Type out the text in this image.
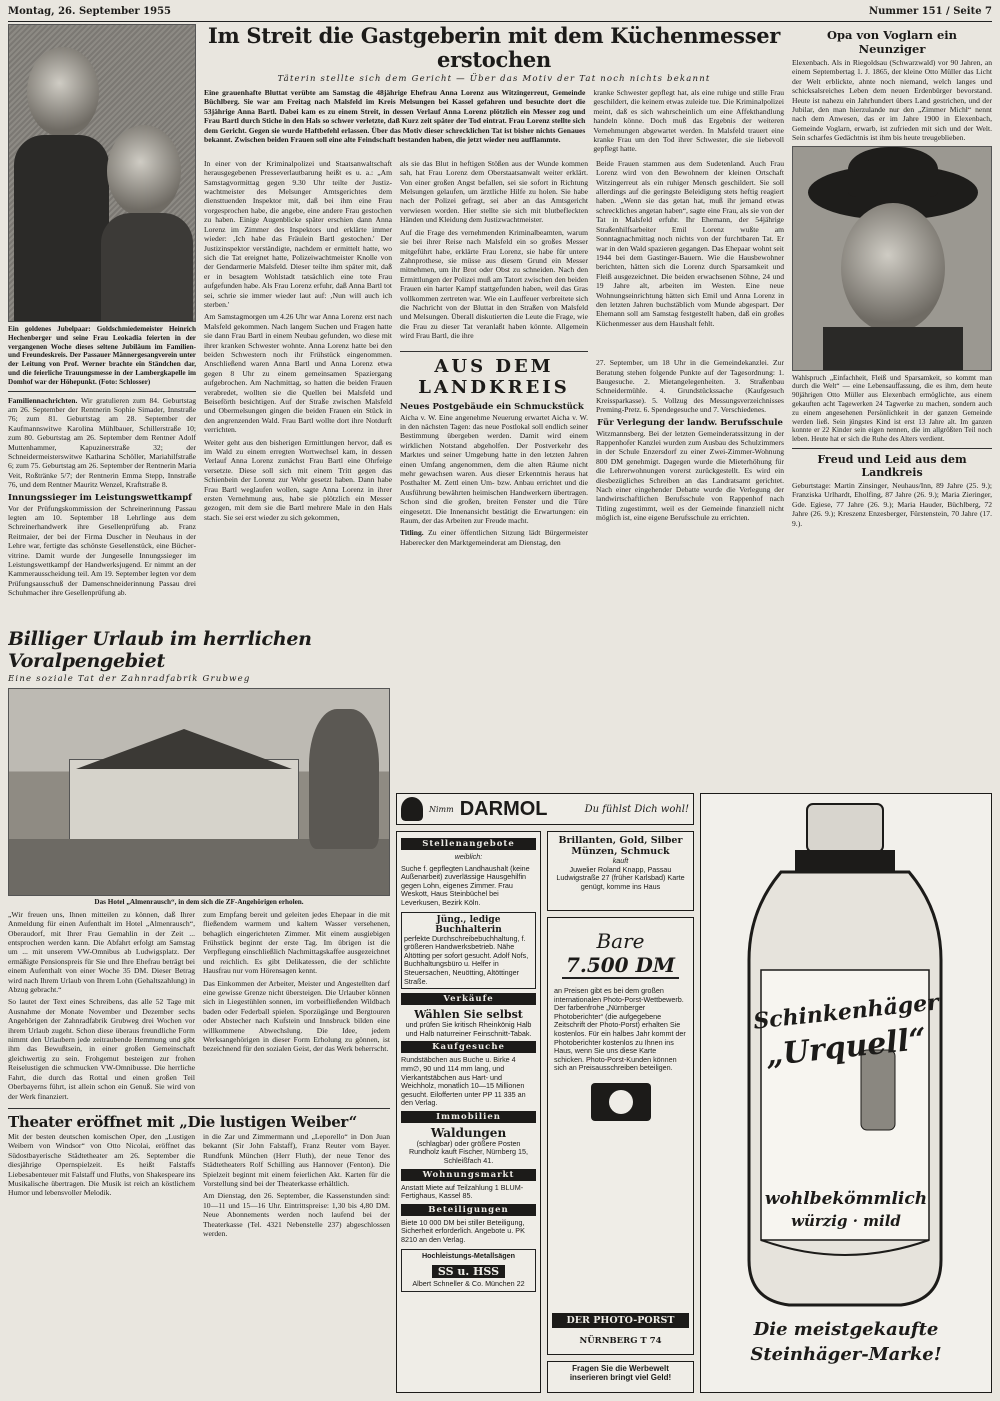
Montag, 26. September 1955	Nummer 151 / Seite 7

Ein goldenes Jubelpaar: Goldschmiedemeister Heinrich Hechenberger und seine Frau Leokadia feierten in der vergangenen Woche dieses seltene Jubiläum im Familien- und Freundeskreis. Der Passauer Männergesangverein unter der Leitung von Prof. Werner brachte ein Ständchen dar, und die feierliche Trauungsmesse in der Lambergkapelle im Domhof war der Höhepunkt. (Foto: Schlosser)

Familiennachrichten. Wir gratulieren zum 84. Geburtstag am 26. September der Rentnerin Sophie Simader, Innstraße 76; zum 81. Geburtstag am 28. September der Kaufmannswitwe Karolina Mühlbauer, Schillerstraße 10; zum 80. Geburtstag am 26. September dem Rentner Adolf Muttenhammer, Kapuzinerstraße 32; der Schneidermeisterswitwe Katharina Schöller, Mariahilfstraße 6; zum 75. Geburtstag am 26. September der Rentnerin Maria Veit, Roßtränke 5/7; der Rentnerin Emma Stepp, Innstraße 76, und dem Rentner Mauritz Wenzel, Kraftstraße 8.

Innungssieger im Leistungswettkampf

Vor der Prüfungskommission der Schreinerinnung Passau legten am 10. September 18 Lehrlinge aus dem Schreinerhandwerk ihre Gesellenprüfung ab. Franz Reitmaier, der bei der Firma Duscher in Neuhaus in der Lehre war, fertigte das schönste Gesellenstück, eine Büchervitrine. Damit wurde der Jungeselle Innungssieger im Leistungswettkampf der Handwerksjugend. Er nimmt an der Kammerausscheidung teil. Am 19. September legten vor dem Prüfungsausschuß der Damenschneiderinnung Passau drei Schuhmacher ihre Gesellenprüfung ab.

Im Streit die Gastgeberin mit dem Küchenmesser erstochen
Täterin stellte sich dem Gericht — Über das Motiv der Tat noch nichts bekannt

Eine grauenhafte Bluttat verübte am Samstag die 48jährige Ehefrau Anna Lorenz aus Witzingerreut, Gemeinde Büchlberg. Sie war am Freitag nach Malsfeld im Kreis Melsungen bei Kassel gefahren und besuchte dort die 53jährige Anna Bartl. Dabei kam es zu einem Streit, in dessen Verlauf Anna Lorenz plötzlich ein Messer zog und Frau Bartl durch Stiche in den Hals so schwer verletzte, daß Kurz zeit später der Tod eintrat. Frau Lorenz stellte sich dem Gericht. Gegen sie wurde Haftbefehl erlassen. Über das Motiv dieser schrecklichen Tat ist bisher nichts Genaues bekannt. Zwischen beiden Frauen soll eine alte Feindschaft bestanden haben, die jetzt wieder neu aufflammte.

kranke Schwester gepflegt hat, als eine ruhige und stille Frau geschildert, die keinem etwas zuleide tue. Die Kriminalpolizei meint, daß es sich wahrscheinlich um eine Affekthandlung handeln könne. Doch muß das Ergebnis der weiteren Vernehmungen abgewartet werden. In Malsfeld trauert eine kranke Frau um den Tod ihrer Schwester, die sie liebevoll gepflegt hatte.

In einer von der Kriminalpolizei und Staatsanwaltschaft herausgegebenen Presseverlautbarung heißt es u. a.: „Am Samstagvormittag gegen 9.30 Uhr teilte der Justizwachtmeister des Melsunger Amtsgerichtes dem diensttuenden Inspektor mit, daß bei ihm eine Frau vorgesprochen habe, die angebe, eine andere Frau gestochen zu haben. Einige Augenblicke später erschien dann Anna Lorenz im Zimmer des Inspektors und erklärte immer wieder: ‚Ich habe das Fräulein Bartl gestochen.' Der Justizinspektor verständigte, nachdem er ermittelt hatte, wo sich die Tat ereignet hatte, Polizeiwachtmeister Knolle von der Gendarmerie Malsfeld. Dieser teilte ihm später mit, daß er in besagtem Wohlstadt tatsächlich eine tote Frau aufgefunden habe. Als Frau Lorenz erfuhr, daß Anna Bartl tot sei, schrie sie immer wieder laut auf: ‚Nun will auch ich sterben.'

Am Samstagmorgen um 4.26 Uhr war Anna Lorenz erst nach Malsfeld gekommen. Nach langem Suchen und Fragen hatte sie dann Frau Bartl in einem Neubau gefunden, wo diese mit ihrer kranken Schwester wohnte. Anna Lorenz hatte bei den beiden Schwestern noch ihr Frühstück eingenommen. Anschließend waren Anna Bartl und Anna Lorenz etwa gegen 8 Uhr zu einem gemeinsamen Spaziergang aufgebrochen. Am Nachmittag, so hatten die beiden Frauen verabredet, wollten sie die Quellen bei Malsfeld und Beiseförth besichtigen. Auf der Straße zwischen Malsfeld und Obermelsungen gingen die beiden Frauen ein Stück in den angrenzenden Wald. Frau Bartl wollte dort ihre Notdurft verrichten.

Weiter geht aus den bisherigen Ermittlungen hervor, daß es im Wald zu einem erregten Wortwechsel kam, in dessen Verlauf Anna Lorenz zunächst Frau Bartl eine Ohrfeige versetzte. Diese soll sich mit einem Tritt gegen das Schienbein der Lorenz zur Wehr gesetzt haben. Dann habe Frau Bartl weglaufen wollen, sagte Anna Lorenz in ihrer ersten Vernehmung aus, habe sie plötzlich ein Messer gezogen, mit dem sie die Bartl mehrere Male in den Hals stach. Sie sei erst wieder zu sich gekommen,

als sie das Blut in heftigen Stößen aus der Wunde kommen sah, hat Frau Lorenz dem Oberstaatsanwalt weiter erklärt. Von einer großen Angst befallen, sei sie sofort in Richtung Melsungen gelaufen, um ärztliche Hilfe zu holen. Sie habe nach der Polizei gefragt, sei aber an das Amtsgericht verwiesen worden. Hier stellte sie sich mit blutbefleckten Händen und Kleidung dem Justizwachtmeister.

Auf die Frage des vernehmenden Kriminalbeamten, warum sie bei ihrer Reise nach Malsfeld ein so großes Messer mitgeführt habe, erklärte Frau Lorenz, sie habe für untere Zahnprothese, sie müsse aus diesem Grund ein Messer mitnehmen, um ihr Brot oder Obst zu schneiden. Nach den Ermittlungen der Polizei muß am Tatort zwischen den beiden Frauen ein harter Kampf stattgefunden haben, weil das Gras vollkommen zertreten war. Wie ein Lauffeuer verbreitete sich die Nachricht von der Bluttat in den Straßen von Malsfeld und Melsungen. Überall diskutierten die Leute die Frage, wie die Frau zu dieser Tat veranlaßt haben könnte. Allgemein wird Frau Bartl, die ihre

AUS DEM LANDKREIS
Neues Postgebäude ein Schmuckstück

Aicha v. W. Eine angenehme Neuerung erwartet Aicha v. W. in den nächsten Tagen: das neue Postlokal soll endlich seiner Bestimmung übergeben werden. Damit wird einem wirklichen Notstand abgeholfen. Der Postverkehr des Marktes und seiner Umgebung hatte in den letzten Jahren einen Umfang angenommen, dem die alten Räume nicht mehr gewachsen waren. Aus dieser Erkenntnis heraus hat Posthalter M. Zettl einen Um- bzw. Anbau errichtet und die Ausführung bewährten heimischen Handwerkern übertragen. Schon sind die großen, breiten Fenster und die Türe eingesetzt. Die Innenansicht bestätigt die Erwartungen: ein Raum, der das Arbeiten zur Freude macht.

Titling. Zu einer öffentlichen Sitzung lädt Bürgermeister Haberecker den Marktgemeinderat am Dienstag, den

Beide Frauen stammen aus dem Sudetenland. Auch Frau Lorenz wird von den Bewohnern der kleinen Ortschaft Witzingerreut als ein ruhiger Mensch geschildert. Sie soll allerdings auf die geringste Beleidigung stets heftig reagiert haben. „Wenn sie das getan hat, muß ihr jemand etwas schreckliches angetan haben“, sagte eine Frau, als sie von der Tat in Malsfeld erfuhr. Ihr Ehemann, der 54jährige Straßenhilfsarbeiter Emil Lorenz wußte am Sonntagnachmittag noch nichts von der furchtbaren Tat. Er war in den Wald spazieren gegangen. Das Ehepaar wohnt seit 1944 bei dem Gastinger-Bauern. Wie die Hausbewohner berichten, hätten sich die Lorenz durch Sparsamkeit und Fleiß ausgezeichnet. Die beiden erwachsenen Söhne, 24 und 19 Jahre alt, arbeiten im Westen. Eine neue Wohnungseinrichtung hätten sich Emil und Anna Lorenz in den letzten Jahren buchstäblich vom Munde abgespart. Der Ehemann soll am Samstag festgestellt haben, daß ein großes Küchenmesser aus dem Haushalt fehlt.

27. September, um 18 Uhr in die Gemeindekanzlei. Zur Beratung stehen folgende Punkte auf der Tagesordnung: 1. Baugesuche. 2. Mietangelegenheiten. 3. Straßenbau Schneidermühle. 4. Grundstückssache (Kaufgesuch Kreissparkasse). 5. Vollzug des Messungsverzeichnisses Preming-Pretz. 6. Spendegesuche und 7. Verschiedenes.

Für Verlegung der landw. Berufsschule

Witzmannsberg. Bei der letzten Gemeinderatssitzung in der Rappenhofer Kanzlei wurden zum Ausbau des Schulzimmers in der Schule Enzersdorf zu einer Zwei-Zimmer-Wohnung 800 DM genehmigt. Dagegen wurde die Mieterhöhung für die Lehrerwohnungen vorerst zurückgestellt. Es wird ein diesbezügliches Schreiben an das Landratsamt gerichtet. Nach einer eingehender Debatte wurde die Verlegung der landwirtschaftlichen Berufsschule von Rappenhof nach Titling zugestimmt, weil es der Gemeinde finanziell nicht möglich ist, eine eigene Berufsschule zu errichten.

Billiger Urlaub im herrlichen Voralpengebiet
Eine soziale Tat der Zahnradfabrik Grubweg

Das Hotel „Almenrausch“, in dem sich die ZF-Angehörigen erholen.

„Wir freuen uns, Ihnen mitteilen zu können, daß Ihrer Anmeldung für einen Aufenthalt im Hotel „Almenrausch“, Oberaudorf, mit Ihrer Frau Gemahlin in der Zeit ... entsprochen werden kann. Die Abfahrt erfolgt am Samstag um ... mit unserem VW-Omnibus ab Ludwigsplatz. Der ermäßigte Pensionspreis für Sie und Ihre Ehefrau beträgt bei einem Aufenthalt von einer Woche 35 DM. Dieser Betrag wird nach Ihrem Urlaub von Ihrem Lohn (Gehaltszahlung) in Abzug gebracht.“

So lautet der Text eines Schreibens, das alle 52 Tage mit Ausnahme der Monate November und Dezember sechs Angehörigen der Zahnradfabrik Grubweg drei Wochen vor ihrem Urlaub zugeht. Schon diese überaus freundliche Form nimmt den Urlaubern jede zeitraubende Hemmung und gibt ihm das Bewußtsein, in einer großen Gemeinschaft gleichwertig zu sein. Frohgemut besteigen zur frohen Reiselustigen die schmucken VW-Omnibusse. Die herrliche Fahrt, die durch das Rottal und einen großen Teil Oberbayerns führt, ist allein schon ein Genuß. Sie wird von der Werk finanziert.

zum Empfang bereit und geleiten jedes Ehepaar in die mit fließendem warmem und kaltem Wasser versehenen, behaglich eingerichteten Zimmer. Mit einem ausgiebigen Frühstück beginnt der erste Tag. Im übrigen ist die Verpflegung einschließlich Nachmittagskaffee ausgezeichnet und reichlich. Es gibt Delikatessen, die der schlichte Hausfrau nur vom Hörensagen kennt.

Das Einkommen der Arbeiter, Meister und Angestellten darf eine gewisse Grenze nicht übersteigen. Die Urlauber können sich in Liegestühlen sonnen, im vorbeifließenden Wildbach baden oder Federball spielen. Sporzügänge und Bergtouren oder Abstecher nach Kufstein und Innsbruck bilden eine willkommene Abwechslung. Die Idee, jedem Werksangehörigen in dieser Form Erholung zu gönnen, ist bezeichnend für den sozialen Geist, der das Werk beherrscht.

Theater eröffnet mit „Die lustigen Weiber“

Mit der besten deutschen komischen Oper, den „Lustigen Weibern von Windsor“ von Otto Nicolai, eröffnet das Südostbayerische Städtetheater am 26. September die diesjährige Opernspielzeit. Es heißt Falstaffs Liebesabenteuer mit Falstaff und Fluths, von Shakespeare ins Musikalische übertragen. Die Musik ist reich an köstlichem Humor und lebensvoller Melodik.

in die Zar und Zimmermann und „Leporello“ in Don Juan bekannt (Sir John Falstaff), Franz Reuter vom Bayer. Rundfunk München (Herr Fluth), der neue Tenor des Städtetheaters Rolf Schilling aus Hannover (Fenton). Die Spielzeit beginnt mit einem feierlichen Akt. Karten für die Vorstellung sind bei der Theaterkasse erhältlich.

Am Dienstag, den 26. September, die Kassenstunden sind: 10—11 und 15—16 Uhr. Eintrittspreise: 1,30 bis 4,80 DM. Neue Abonnements werden noch laufend bei der Theaterkasse (Tel. 4321 Nebenstelle 237) abgeschlossen werden.

Opa von Voglarn ein Neunziger

Elexenbach. Als in Riegoldsau (Schwarzwald) vor 90 Jahren, an einem Septembertag 1. J. 1865, der kleine Otto Müller das Licht der Welt erblickte, ahnte noch niemand, welch langes und schicksalsreiches Leben dem neuen Erdenbürger bevorstand. Heute ist nahezu ein Jahrhundert übers Land gestrichen, und der Jubilar, den man hierzulande nur den „Zimmer Michl“ nennt nach dem Anwesen, das er im Jahre 1900 in Elexenbach, Gemeinde Voglarn, erwarb, ist zufrieden mit sich und der Welt. Sein scharfes Gedächtnis ist ihm bis heute treugeblieben.

Wahlspruch „Einfachheit, Fleiß und Sparsamkeit, so kommt man durch die Welt“ — eine Lebensauffassung, die es ihm, dem heute 90jährigen Otto Müller aus Elexenbach ermöglichte, aus einem gekauften acht Tagewerken 24 Tagwerke zu machen, sondern auch zu einem angesehenen Persönlichkeit in der ganzen Gemeinde werden ließ. Sein jüngstes Kind ist erst 13 Jahre alt. Im ganzen konnte er 22 Kinder sein eigen nennen, die im allgrößten Teil noch leben. Heute hat er sich die Ruhe des Alters verdient.

Freud und Leid aus dem Landkreis

Geburtstage: Martin Zinsinger, Neuhaus/Inn, 89 Jahre (25. 9.); Franziska Urlhardt, Eholfing, 87 Jahre (26. 9.); Maria Zieringer, Gde. Egiese, 77 Jahre (26. 9.); Maria Hauder, Büchlberg, 72 Jahre (26. 9.); Kreszenz Enzesberger, Fürstenstein, 70 Jahre (17. 9.).

Nimm DARMOL	Du fühlst Dich wohl!
Stellenangebote
weiblich:

Suche f. gepflegten Landhaushalt (keine Außenarbeit) zuverlässige Hausgehilfin gegen Lohn, eigenes Zimmer. Frau Weskott, Haus Steinbüchel bei Leverkusen, Bezirk Köln.

Jüng., ledige Buchhalterin

perfekte Durchschreibebuchhaltung, f. größeren Handwerksbetrieb. Nähe Altötting per sofort gesucht. Adolf Nofs, Buchhaltungsbüro u. Helfer in Steuersachen, Neuötting, Altöttinger Straße.

Verkäufe
Wählen Sie selbst

und prüfen Sie kritisch Rheinkönig Halb und Halb naturreiner Feinschnitt-Tabak.

Kaufgesuche

Rundstäbchen aus Buche u. Birke 4 mm∅, 90 und 114 mm lang, und Vierkantstäbchen aus Hart- und Weichholz, monatlich 10—15 Millionen gesucht. Eilofferten unter PP 11 335 an den Verlag.

Immobilien
Waldungen

(schlagbar) oder größere Posten Rundholz kauft Fischer, Nürnberg 15, Schleißfach 41.

Wohnungsmarkt

Anstatt Miete auf Teilzahlung 1 BLUM-Fertighaus, Kassel 85.

Beteiligungen

Biete 10 000 DM bei stiller Beteiligung, Sicherheit erforderlich. Angebote u. PK 8210 an den Verlag.

Hochleistungs-Metallsägen
SS u. HSS
Albert Schneller & Co. München 22
Brillanten, Gold, Silber Münzen, Schmuck
kauft
Juwelier Roland Knapp, Passau Ludwigstraße 27 (früher Karlsbad) Karte genügt, komme ins Haus
Bare
7.500 DM

an Preisen gibt es bei dem großen internationalen Photo-Porst-Wettbewerb. Der farbenfrohe „Nürnberger Photoberichter“ (die aufgegebene Zeitschrift der Photo-Porst) erhalten Sie kostenlos. Für ein halbes Jahr kommt der Photoberichter kostenlos zu Ihnen ins Haus, wenn Sie uns diese Karte schicken. Photo-Porst-Kunden können sich an Preisausschreiben beteiligen.

DER PHOTO-PORST
NÜRNBERG T 74
Fragen Sie die Werbewelt inserieren bringt viel Geld!
Schinkenhäger
„Urquell“
wohlbekömmlich
würzig · mild
Die meistgekaufte
Steinhäger-Marke!
